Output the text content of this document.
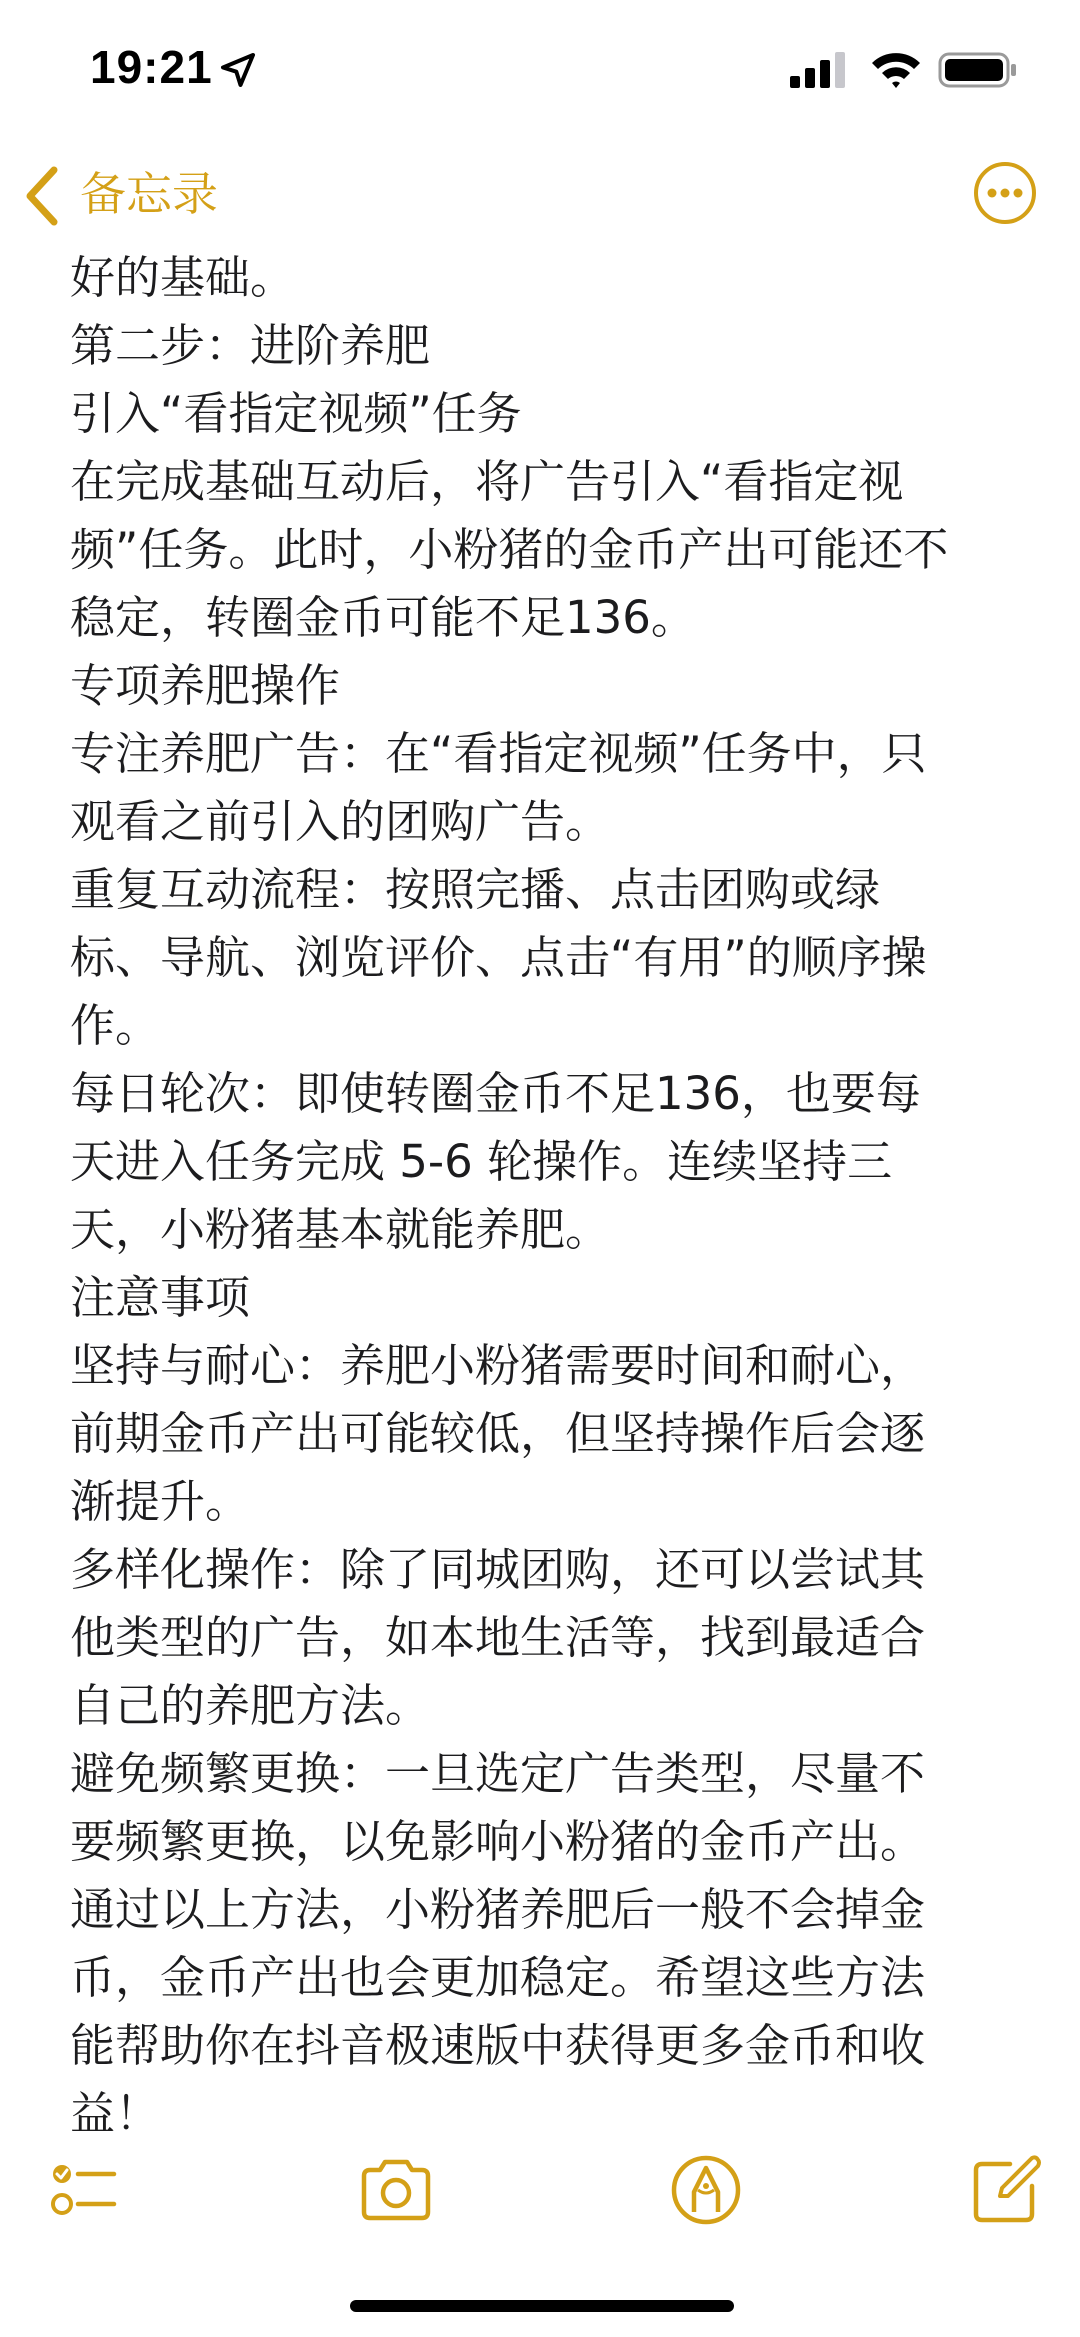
19:21
备忘录
好的基础。
第二步：进阶养肥
引入“看指定视频”任务
在完成基础互动后，将广告引入“看指定视
频”任务。此时，小粉猪的金币产出可能还不
稳定，转圈金币可能不足136。
专项养肥操作
专注养肥广告：在“看指定视频”任务中，只
观看之前引入的团购广告。
重复互动流程：按照完播、点击团购或绿
标、导航、浏览评价、点击“有用”的顺序操
作。
每日轮次：即使转圈金币不足136，也要每
天进入任务完成 5-6 轮操作。连续坚持三
天，小粉猪基本就能养肥。
注意事项
坚持与耐心：养肥小粉猪需要时间和耐心，
前期金币产出可能较低，但坚持操作后会逐
渐提升。
多样化操作：除了同城团购，还可以尝试其
他类型的广告，如本地生活等，找到最适合
自己的养肥方法。
避免频繁更换：一旦选定广告类型，尽量不
要频繁更换，以免影响小粉猪的金币产出。
通过以上方法，小粉猪养肥后一般不会掉金
币，金币产出也会更加稳定。希望这些方法
能帮助你在抖音极速版中获得更多金币和收
益！
